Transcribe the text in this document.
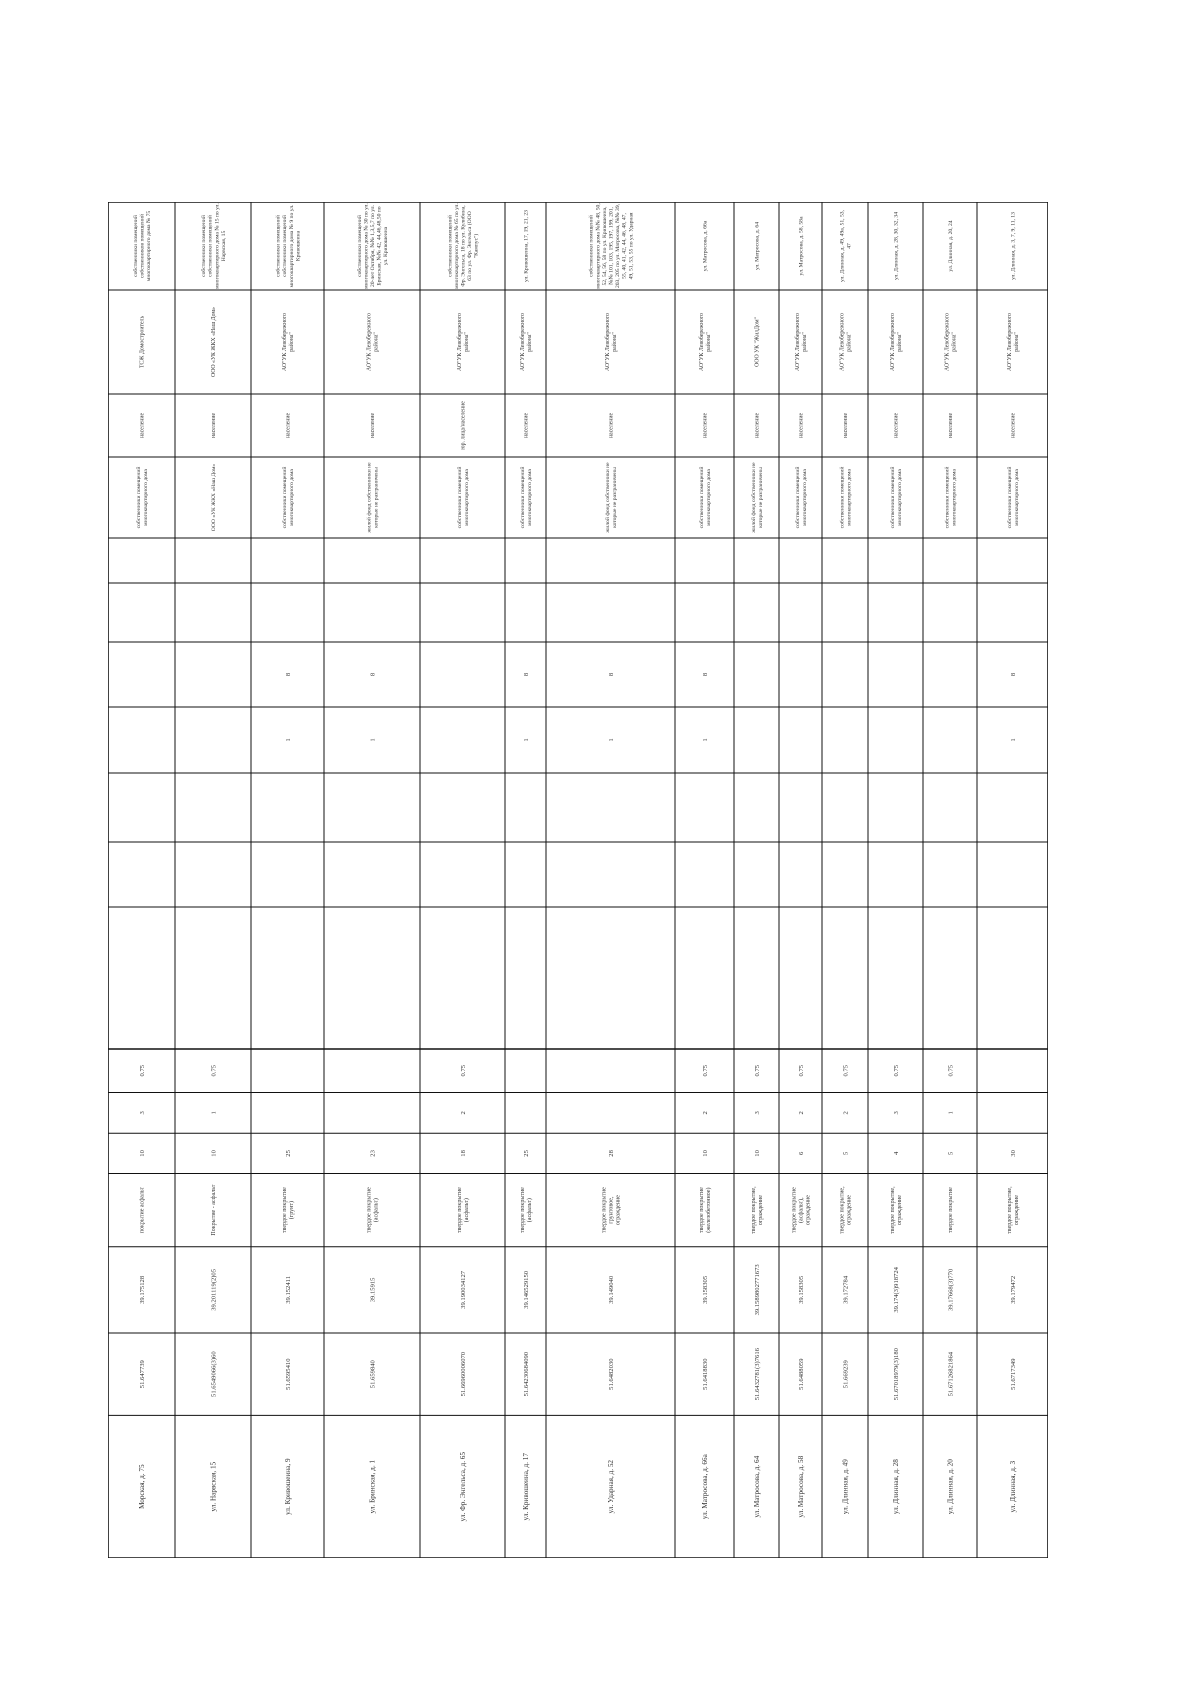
Морская, д. 75
51.647739
39.175128
покрытие асфальт
10
3
0.75
собственники помещениймногоквартирного дома
население
ТСЖ Домостроитель
собственники помещенийсобственников помещениймногоквартирного дома № 75
ул. Нарвская, 15
51.6549066(3)60
39.201119(2)05
Покрытие - асфальт
10
1
0.75
ООО «УК ЖКХ «Наш Дом»
население
ООО «УК ЖКХ «Наш Дом»
собственники помещенийсобственники помещениймногоквартирного дома № 15 по ул.Нарвская, 15
ул. Кривошеина, 9
51.6595410
39.152411
твердое покрытие(грунт)
25
1
8
собственники помещениймногоквартирного дома
население
АО"УК Левобережногорайона"
собственники помещенийсобственники помещениймногоквартирного дома № 9 по ул.Кривошеина
ул. Бринская, д. 1
51.659840
39.15915
твердое покрытие(асфальт)
23
1
8
жилой фонд собственники некоторые не разграничены
население
АО"УК Левобережногорайона"
собственники помещениймногоквартирного дома № 30 по ул.20-лет Октября, №№ 1,3,5,7 по ул.Бринская, №№ 42, 44,46,48,50 поул. Кривошеина
ул. Фр. Энгельса, д. 65
51.66960006070
39.190034127
твердое покрытие(асфальт)
18
2
0.75
собственники помещениймногоквартирного дома
юр. лица/население
АО"УК Левобережногорайона"
собственники помещениймногоквартирного дома № 65 по ул.Фр. Энгельса, 18 по ул. Кулибина,63 по ул. Фр. Энгельса (ООО"Кампус")
ул. Кривошеина, д. 17
51.64230684090
39.146529150
твердое покрытие(асфальт)
25
1
8
собственники помещениймногоквартирного дома
население
АО"УК Левобережногорайона"
ул. Кривошеина, 17, 19, 21, 23
ул. Ударная, д. 52
51.6482030
39.149040
твердое покрытиегрунтовое,ограждение
28
1
8
жилой фонд собственники некоторые не разграничены
население
АО"УК Левобережногорайона"
собственники помещениймногоквартирного дома №№ 48, 50,52, 54, 56, 58 по ул. Кривошеина,№№ 101, 103, 195, 197, 199, 201,203, 205 по ул. Матросова, №№ 39,55, 40, 41, 42, 44, 46, 48, 47,49, 51, 53, 55 по ул. Ударная
ул. Матросова, д. 66а
51.6418830
39.158305
твердое покрытие(железобетонное)
10
2
0.75
1
8
собственники помещениймногоквартирного дома
население
АО"УК Левобережногорайона"
ул. Матросова, д. 66а
ул. Матросова, д. 64
51.6432781(3)7616
39.1589802771673
твердое покрытие,ограждение
10
3
0.75
жилой фонд собственники некоторые не разграничены
население
ООО УК "ЖилДом"
ул. Матросова, д. 64
ул. Матросова, д. 58
51.6488059
39.158305
твердое покрытие(асфальт),ограждение
6
2
0.75
собственники помещениймногоквартирного дома
население
АО"УК Левобережногорайона"
ул. Матросова, д. 58, 58а
ул. Длинная, д. 49
51.669239
39.172784
твердое покрытие,ограждение
5
2
0.75
собственники помещениймногоквартирного дома
население
АО"УК Левобережногорайона"
ул. Длинная, д. 49, 49а, 51, 53,47
ул. Длинная, д. 28
51.67018979(3)180
39.174(3)918724
твердое покрытие,ограждение
4
3
0.75
собственники помещениймногоквартирного дома
население
АО"УК Левобережногорайона"
ул. Длинная, д. 28, 30, 32, 34
ул. Длинная, д. 20
51.67126821864
39.17668(3)770
твердое покрытие
5
1
0.75
собственники помещениймногоквартирного дома
население
АО"УК Левобережногорайона"
ул. Длинная, д. 20, 24
ул. Длинная, д. 3
51.6717349
39.179472
твердое покрытие,ограждение
30
1
8
собственники помещениймногоквартирного дома
население
АО"УК Левобережногорайона"
ул. Длинная, д. 3, 7, 9, 11, 13
